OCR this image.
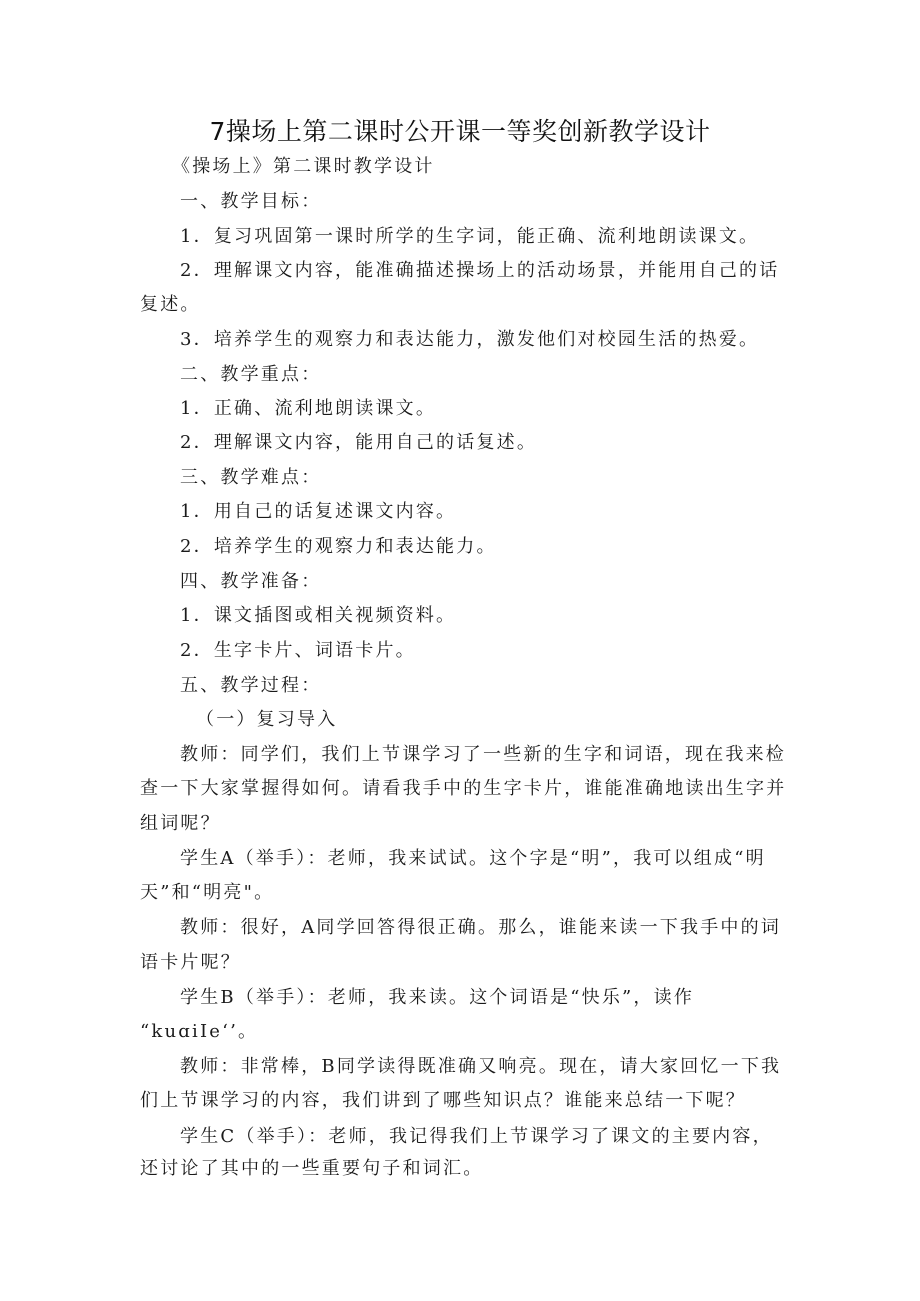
7操场上第二课时公开课一等奖创新教学设计
《操场上》第二课时教学设计
一、教学目标：
1．复习巩固第一课时所学的生字词，能正确、流利地朗读课文。
2．理解课文内容，能准确描述操场上的活动场景，并能用自己的话
复述。
3．培养学生的观察力和表达能力，激发他们对校园生活的热爱。
二、教学重点：
1．正确、流利地朗读课文。
2．理解课文内容，能用自己的话复述。
三、教学难点：
1．用自己的话复述课文内容。
2．培养学生的观察力和表达能力。
四、教学准备：
1．课文插图或相关视频资料。
2．生字卡片、词语卡片。
五、教学过程：
（一）复习导入
教师：同学们，我们上节课学习了一些新的生字和词语，现在我来检
查一下大家掌握得如何。请看我手中的生字卡片，谁能准确地读出生字并
组词呢？
学生A（举手）：老师，我来试试。这个字是“明”，我可以组成“明
天”和“明亮"。
教师：很好，A同学回答得很正确。那么，谁能来读一下我手中的词
语卡片呢？
学生B（举手）：老师，我来读。这个词语是“快乐”，读作
“kuɑiIe‘’。
教师：非常棒，B同学读得既准确又响亮。现在，请大家回忆一下我
们上节课学习的内容，我们讲到了哪些知识点？谁能来总结一下呢？
学生C（举手）：老师，我记得我们上节课学习了课文的主要内容，
还讨论了其中的一些重要句子和词汇。
